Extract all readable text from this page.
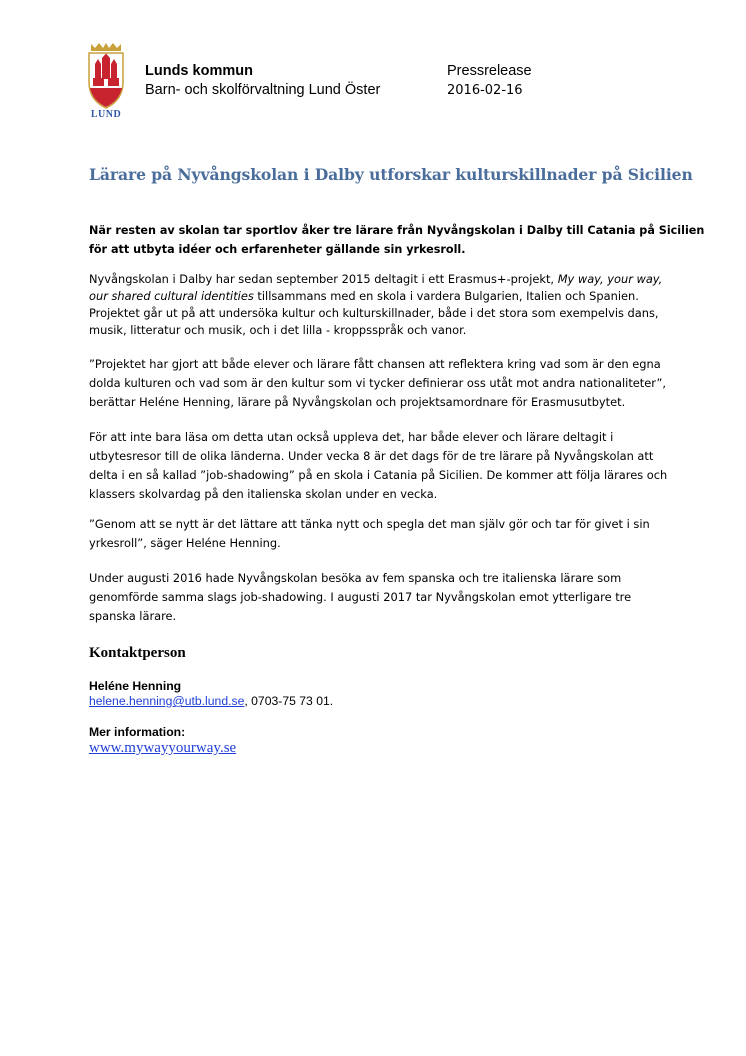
LUND
Lunds kommun
Barn- och skolförvaltning Lund Öster
Pressrelease
2016-02-16
Lärare på Nyvångskolan i Dalby utforskar kulturskillnader på Sicilien

När resten av skolan tar sportlov åker tre lärare från Nyvångskolan i Dalby till Catania på Sicilien
för att utbyta idéer och erfarenheter gällande sin yrkesroll.

Nyvångskolan i Dalby har sedan september 2015 deltagit i ett Erasmus+-projekt, My way, your way,
our shared cultural identities tillsammans med en skola i vardera Bulgarien, Italien och Spanien.
Projektet går ut på att undersöka kultur och kulturskillnader, både i det stora som exempelvis dans,
musik, litteratur och musik, och i det lilla - kroppsspråk och vanor.

”Projektet har gjort att både elever och lärare fått chansen att reflektera kring vad som är den egna
dolda kulturen och vad som är den kultur som vi tycker definierar oss utåt mot andra nationaliteter”,
berättar Heléne Henning, lärare på Nyvångskolan och projektsamordnare för Erasmusutbytet.

För att inte bara läsa om detta utan också uppleva det, har både elever och lärare deltagit i
utbytesresor till de olika länderna. Under vecka 8 är det dags för de tre lärare på Nyvångskolan att
delta i en så kallad ”job-shadowing” på en skola i Catania på Sicilien. De kommer att följa lärares och
klassers skolvardag på den italienska skolan under en vecka.

”Genom att se nytt är det lättare att tänka nytt och spegla det man själv gör och tar för givet i sin
yrkesroll”, säger Heléne Henning.

Under augusti 2016 hade Nyvångskolan besöka av fem spanska och tre italienska lärare som
genomförde samma slags job-shadowing. I augusti 2017 tar Nyvångskolan emot ytterligare tre
spanska lärare.

Kontaktperson
Heléne Henning
helene.henning@utb.lund.se, 0703-75 73 01.
Mer information:
www.mywayyourway.se
